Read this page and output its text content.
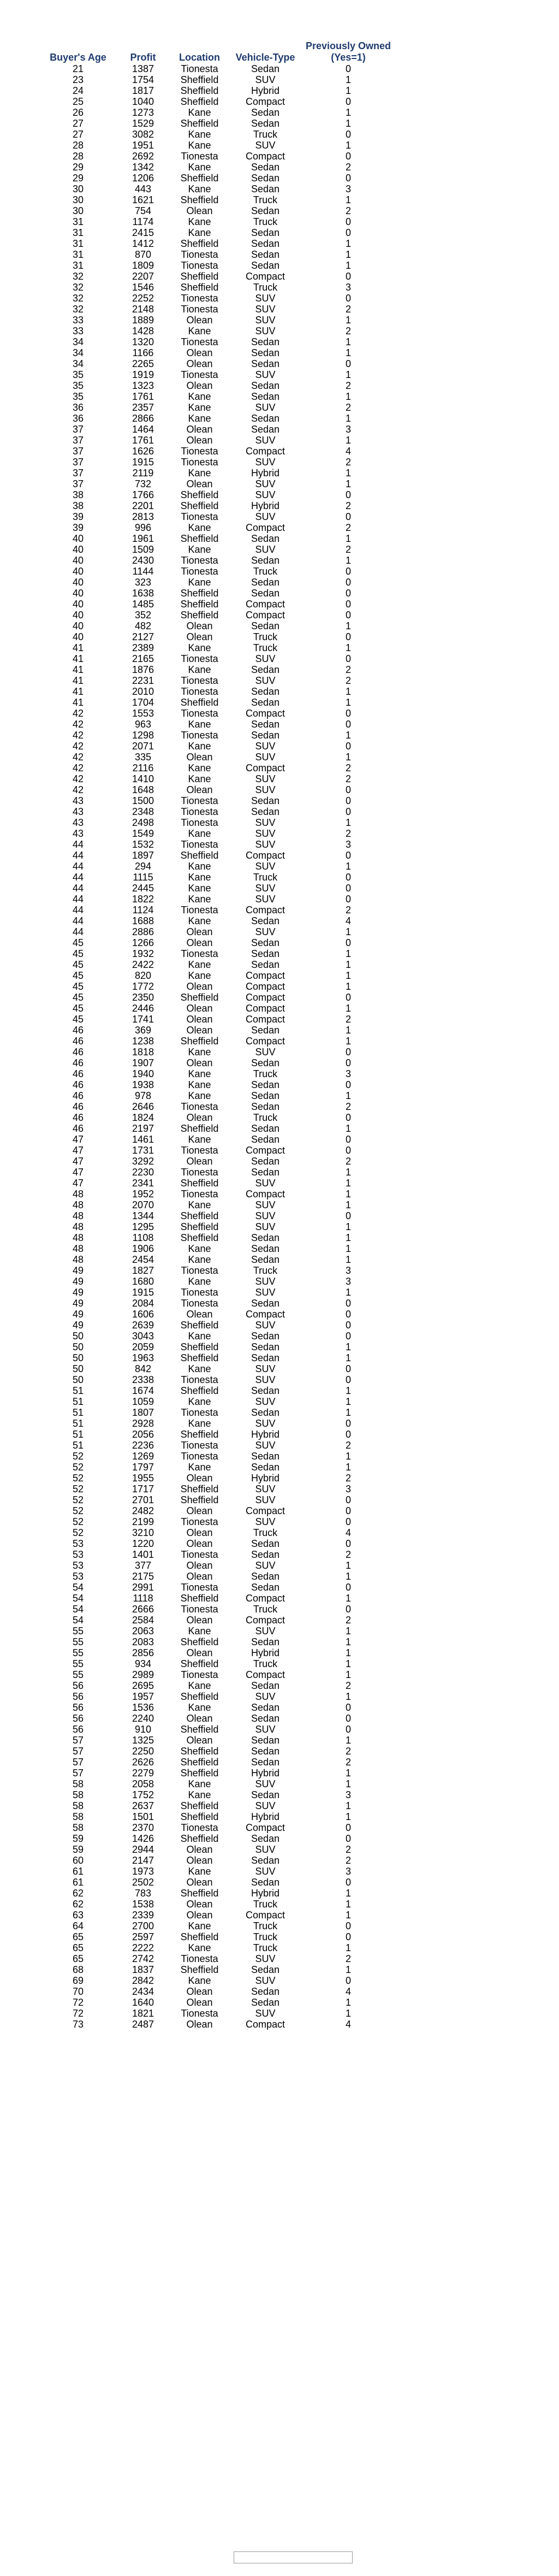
Buyer's Age	Profit	Location	Vehicle-Type	Previously Owned (Yes=1)
21	1387	Tionesta	Sedan	0
23	1754	Sheffield	SUV	1
24	1817	Sheffield	Hybrid	1
25	1040	Sheffield	Compact	0
26	1273	Kane	Sedan	1
27	1529	Sheffield	Sedan	1
27	3082	Kane	Truck	0
28	1951	Kane	SUV	1
28	2692	Tionesta	Compact	0
29	1342	Kane	Sedan	2
29	1206	Sheffield	Sedan	0
30	443	Kane	Sedan	3
30	1621	Sheffield	Truck	1
30	754	Olean	Sedan	2
31	1174	Kane	Truck	0
31	2415	Kane	Sedan	0
31	1412	Sheffield	Sedan	1
31	870	Tionesta	Sedan	1
31	1809	Tionesta	Sedan	1
32	2207	Sheffield	Compact	0
32	1546	Sheffield	Truck	3
32	2252	Tionesta	SUV	0
32	2148	Tionesta	SUV	2
33	1889	Olean	SUV	1
33	1428	Kane	SUV	2
34	1320	Tionesta	Sedan	1
34	1166	Olean	Sedan	1
34	2265	Olean	Sedan	0
35	1919	Tionesta	SUV	1
35	1323	Olean	Sedan	2
35	1761	Kane	Sedan	1
36	2357	Kane	SUV	2
36	2866	Kane	Sedan	1
37	1464	Olean	Sedan	3
37	1761	Olean	SUV	1
37	1626	Tionesta	Compact	4
37	1915	Tionesta	SUV	2
37	2119	Kane	Hybrid	1
37	732	Olean	SUV	1
38	1766	Sheffield	SUV	0
38	2201	Sheffield	Hybrid	2
39	2813	Tionesta	SUV	0
39	996	Kane	Compact	2
40	1961	Sheffield	Sedan	1
40	1509	Kane	SUV	2
40	2430	Tionesta	Sedan	1
40	1144	Tionesta	Truck	0
40	323	Kane	Sedan	0
40	1638	Sheffield	Sedan	0
40	1485	Sheffield	Compact	0
40	352	Sheffield	Compact	0
40	482	Olean	Sedan	1
40	2127	Olean	Truck	0
41	2389	Kane	Truck	1
41	2165	Tionesta	SUV	0
41	1876	Kane	Sedan	2
41	2231	Tionesta	SUV	2
41	2010	Tionesta	Sedan	1
41	1704	Sheffield	Sedan	1
42	1553	Tionesta	Compact	0
42	963	Kane	Sedan	0
42	1298	Tionesta	Sedan	1
42	2071	Kane	SUV	0
42	335	Olean	SUV	1
42	2116	Kane	Compact	2
42	1410	Kane	SUV	2
42	1648	Olean	SUV	0
43	1500	Tionesta	Sedan	0
43	2348	Tionesta	Sedan	0
43	2498	Tionesta	SUV	1
43	1549	Kane	SUV	2
44	1532	Tionesta	SUV	3
44	1897	Sheffield	Compact	0
44	294	Kane	SUV	1
44	1115	Kane	Truck	0
44	2445	Kane	SUV	0
44	1822	Kane	SUV	0
44	1124	Tionesta	Compact	2
44	1688	Kane	Sedan	4
44	2886	Olean	SUV	1
45	1266	Olean	Sedan	0
45	1932	Tionesta	Sedan	1
45	2422	Kane	Sedan	1
45	820	Kane	Compact	1
45	1772	Olean	Compact	1
45	2350	Sheffield	Compact	0
45	2446	Olean	Compact	1
45	1741	Olean	Compact	2
46	369	Olean	Sedan	1
46	1238	Sheffield	Compact	1
46	1818	Kane	SUV	0
46	1907	Olean	Sedan	0
46	1940	Kane	Truck	3
46	1938	Kane	Sedan	0
46	978	Kane	Sedan	1
46	2646	Tionesta	Sedan	2
46	1824	Olean	Truck	0
46	2197	Sheffield	Sedan	1
47	1461	Kane	Sedan	0
47	1731	Tionesta	Compact	0
47	3292	Olean	Sedan	2
47	2230	Tionesta	Sedan	1
47	2341	Sheffield	SUV	1
48	1952	Tionesta	Compact	1
48	2070	Kane	SUV	1
48	1344	Sheffield	SUV	0
48	1295	Sheffield	SUV	1
48	1108	Sheffield	Sedan	1
48	1906	Kane	Sedan	1
48	2454	Kane	Sedan	1
49	1827	Tionesta	Truck	3
49	1680	Kane	SUV	3
49	1915	Tionesta	SUV	1
49	2084	Tionesta	Sedan	0
49	1606	Olean	Compact	0
49	2639	Sheffield	SUV	0
50	3043	Kane	Sedan	0
50	2059	Sheffield	Sedan	1
50	1963	Sheffield	Sedan	1
50	842	Kane	SUV	0
50	2338	Tionesta	SUV	0
51	1674	Sheffield	Sedan	1
51	1059	Kane	SUV	1
51	1807	Tionesta	Sedan	1
51	2928	Kane	SUV	0
51	2056	Sheffield	Hybrid	0
51	2236	Tionesta	SUV	2
52	1269	Tionesta	Sedan	1
52	1797	Kane	Sedan	1
52	1955	Olean	Hybrid	2
52	1717	Sheffield	SUV	3
52	2701	Sheffield	SUV	0
52	2482	Olean	Compact	0
52	2199	Tionesta	SUV	0
52	3210	Olean	Truck	4
53	1220	Olean	Sedan	0
53	1401	Tionesta	Sedan	2
53	377	Olean	SUV	1
53	2175	Olean	Sedan	1
54	2991	Tionesta	Sedan	0
54	1118	Sheffield	Compact	1
54	2666	Tionesta	Truck	0
54	2584	Olean	Compact	2
55	2063	Kane	SUV	1
55	2083	Sheffield	Sedan	1
55	2856	Olean	Hybrid	1
55	934	Sheffield	Truck	1
55	2989	Tionesta	Compact	1
56	2695	Kane	Sedan	2
56	1957	Sheffield	SUV	1
56	1536	Kane	Sedan	0
56	2240	Olean	Sedan	0
56	910	Sheffield	SUV	0
57	1325	Olean	Sedan	1
57	2250	Sheffield	Sedan	2
57	2626	Sheffield	Sedan	2
57	2279	Sheffield	Hybrid	1
58	2058	Kane	SUV	1
58	1752	Kane	Sedan	3
58	2637	Sheffield	SUV	1
58	1501	Sheffield	Hybrid	1
58	2370	Tionesta	Compact	0
59	1426	Sheffield	Sedan	0
59	2944	Olean	SUV	2
60	2147	Olean	Sedan	2
61	1973	Kane	SUV	3
61	2502	Olean	Sedan	0
62	783	Sheffield	Hybrid	1
62	1538	Olean	Truck	1
63	2339	Olean	Compact	1
64	2700	Kane	Truck	0
65	2597	Sheffield	Truck	0
65	2222	Kane	Truck	1
65	2742	Tionesta	SUV	2
68	1837	Sheffield	Sedan	1
69	2842	Kane	SUV	0
70	2434	Olean	Sedan	4
72	1640	Olean	Sedan	1
72	1821	Tionesta	SUV	1
73	2487	Olean	Compact	4
